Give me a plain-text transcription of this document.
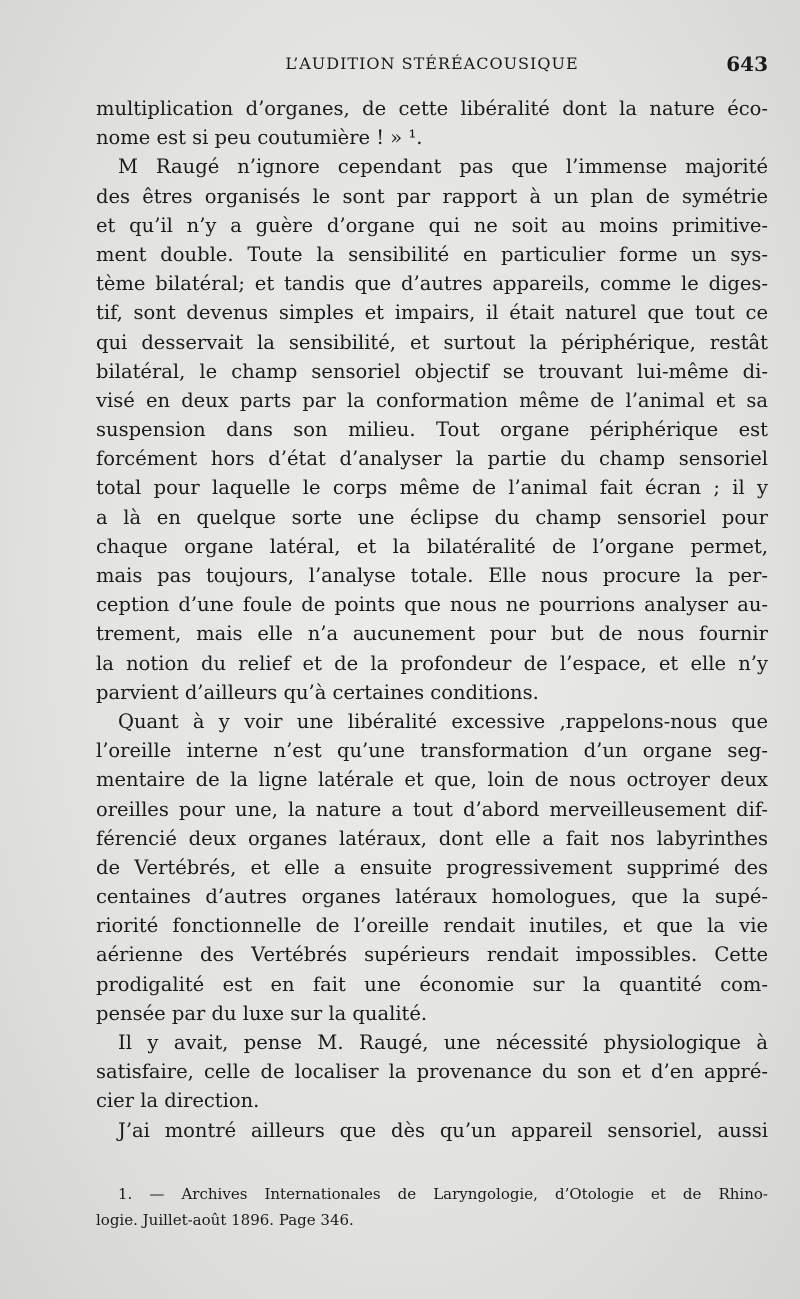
L’AUDITION STÉRÉACOUSIQUE	643
multiplication d’organes, de cette libéralité dont la nature éco-
nome est si peu coutumière ! » ¹.
M Raugé n’ignore cependant pas que l’immense majorité
des êtres organisés le sont par rapport à un plan de symétrie
et qu’il n’y a guère d’organe qui ne soit au moins primitive-
ment double. Toute la sensibilité en particulier forme un sys-
tème bilatéral; et tandis que d’autres appareils, comme le diges-
tif, sont devenus simples et impairs, il était naturel que tout ce
qui desservait la sensibilité, et surtout la périphérique, restât
bilatéral, le champ sensoriel objectif se trouvant lui-même di-
visé en deux parts par la conformation même de l’animal et sa
suspension dans son milieu. Tout organe périphérique est
forcément hors d’état d’analyser la partie du champ sensoriel
total pour laquelle le corps même de l’animal fait écran ; il y
a là en quelque sorte une éclipse du champ sensoriel pour
chaque organe latéral, et la bilatéralité de l’organe permet,
mais pas toujours, l’analyse totale. Elle nous procure la per-
ception d’une foule de points que nous ne pourrions analyser au-
trement, mais elle n’a aucunement pour but de nous fournir
la notion du relief et de la profondeur de l’espace, et elle n’y
parvient d’ailleurs qu’à certaines conditions.
Quant à y voir une libéralité excessive ,rappelons-nous que
l’oreille interne n’est qu’une transformation d’un organe seg-
mentaire de la ligne latérale et que, loin de nous octroyer deux
oreilles pour une, la nature a tout d’abord merveilleusement dif-
férencié deux organes latéraux, dont elle a fait nos labyrinthes
de Vertébrés, et elle a ensuite progressivement supprimé des
centaines d’autres organes latéraux homologues, que la supé-
riorité fonctionnelle de l’oreille rendait inutiles, et que la vie
aérienne des Vertébrés supérieurs rendait impossibles. Cette
prodigalité est en fait une économie sur la quantité com-
pensée par du luxe sur la qualité.
Il y avait, pense M. Raugé, une nécessité physiologique à
satisfaire, celle de localiser la provenance du son et d’en appré-
cier la direction.
J’ai montré ailleurs que dès qu’un appareil sensoriel, aussi
1. — Archives Internationales de Laryngologie, d’Otologie et de Rhino-
logie. Juillet-août 1896. Page 346.
